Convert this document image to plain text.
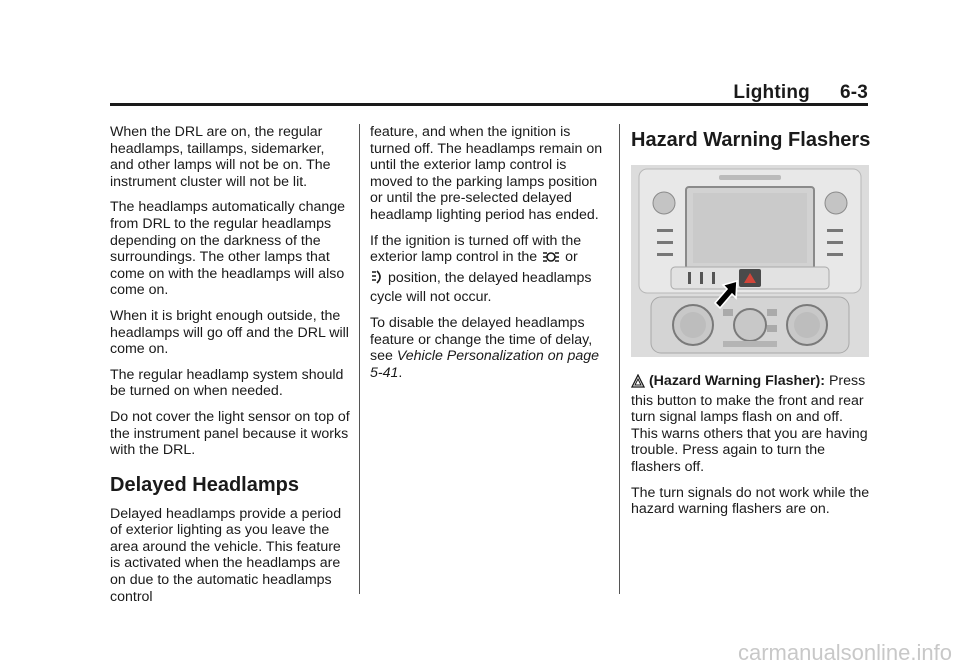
Lighting 6-3

When the DRL are on, the regular headlamps, taillamps, sidemarker, and other lamps will not be on. The instrument cluster will not be lit.

The headlamps automatically change from DRL to the regular headlamps depending on the darkness of the surroundings. The other lamps that come on with the headlamps will also come on.

When it is bright enough outside, the headlamps will go off and the DRL will come on.

The regular headlamp system should be turned on when needed.

Do not cover the light sensor on top of the instrument panel because it works with the DRL.

Delayed Headlamps

Delayed headlamps provide a period of exterior lighting as you leave the area around the vehicle. This feature is activated when the headlamps are on due to the automatic headlamps control

feature, and when the ignition is turned off. The headlamps remain on until the exterior lamp control is moved to the parking lamps position or until the pre-selected delayed headlamp lighting period has ended.

If the ignition is turned off with the exterior lamp control in the or
position, the delayed headlamps cycle will not occur.

To disable the delayed headlamps feature or change the time of delay, see Vehicle Personalization on page 5-41.

Hazard Warning Flashers

(Hazard Warning Flasher): Press this button to make the front and rear turn signal lamps flash on and off. This warns others that you are having trouble. Press again to turn the flashers off.

The turn signals do not work while the hazard warning flashers are on.

carmanualsonline.info
